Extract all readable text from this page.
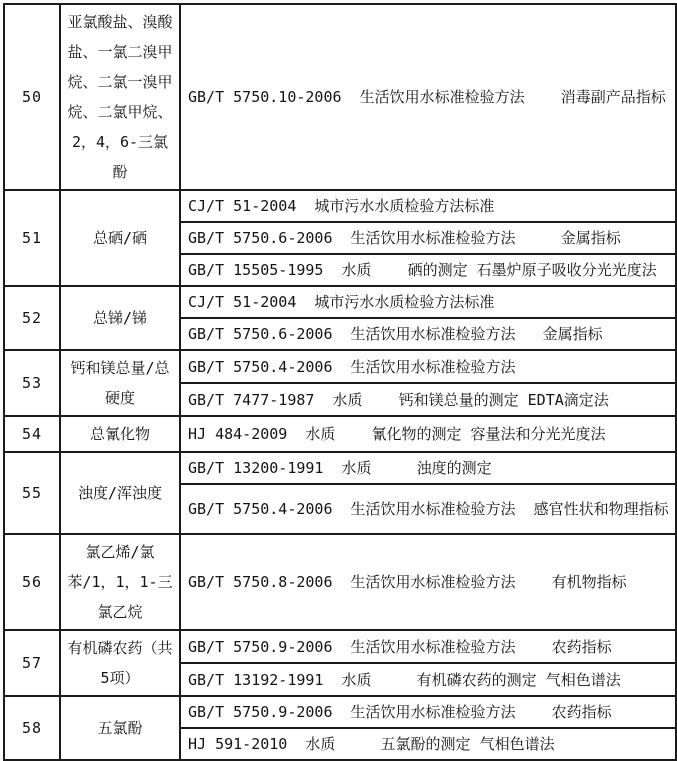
50	亚氯酸盐、溴酸盐、一氯二溴甲烷、二氯一溴甲烷、二氯甲烷、2，4，6-三氯酚	GB/T 5750.10-2006  生活饮用水标准检验方法    消毒副产品指标
51	总硒/硒	CJ/T 51-2004  城市污水水质检验方法标准
		GB/T 5750.6-2006  生活饮用水标准检验方法     金属指标
		GB/T 15505-1995  水质    硒的测定 石墨炉原子吸收分光光度法
52	总锑/锑	CJ/T 51-2004  城市污水水质检验方法标准
		GB/T 5750.6-2006  生活饮用水标准检验方法   金属指标
53	钙和镁总量/总硬度	GB/T 5750.4-2006  生活饮用水标准检验方法
		GB/T 7477-1987  水质    钙和镁总量的测定 EDTA滴定法
54	总氰化物	HJ 484-2009  水质    氰化物的测定 容量法和分光光度法
55	浊度/浑浊度	GB/T 13200-1991  水质     浊度的测定
		GB/T 5750.4-2006  生活饮用水标准检验方法  感官性状和物理指标
56	氯乙烯/氯苯/1，1，1-三氯乙烷	GB/T 5750.8-2006  生活饮用水标准检验方法    有机物指标
57	有机磷农药（共5项）	GB/T 5750.9-2006  生活饮用水标准检验方法    农药指标
		GB/T 13192-1991  水质     有机磷农药的测定 气相色谱法
58	五氯酚	GB/T 5750.9-2006  生活饮用水标准检验方法    农药指标
		HJ 591-2010  水质     五氯酚的测定 气相色谱法
